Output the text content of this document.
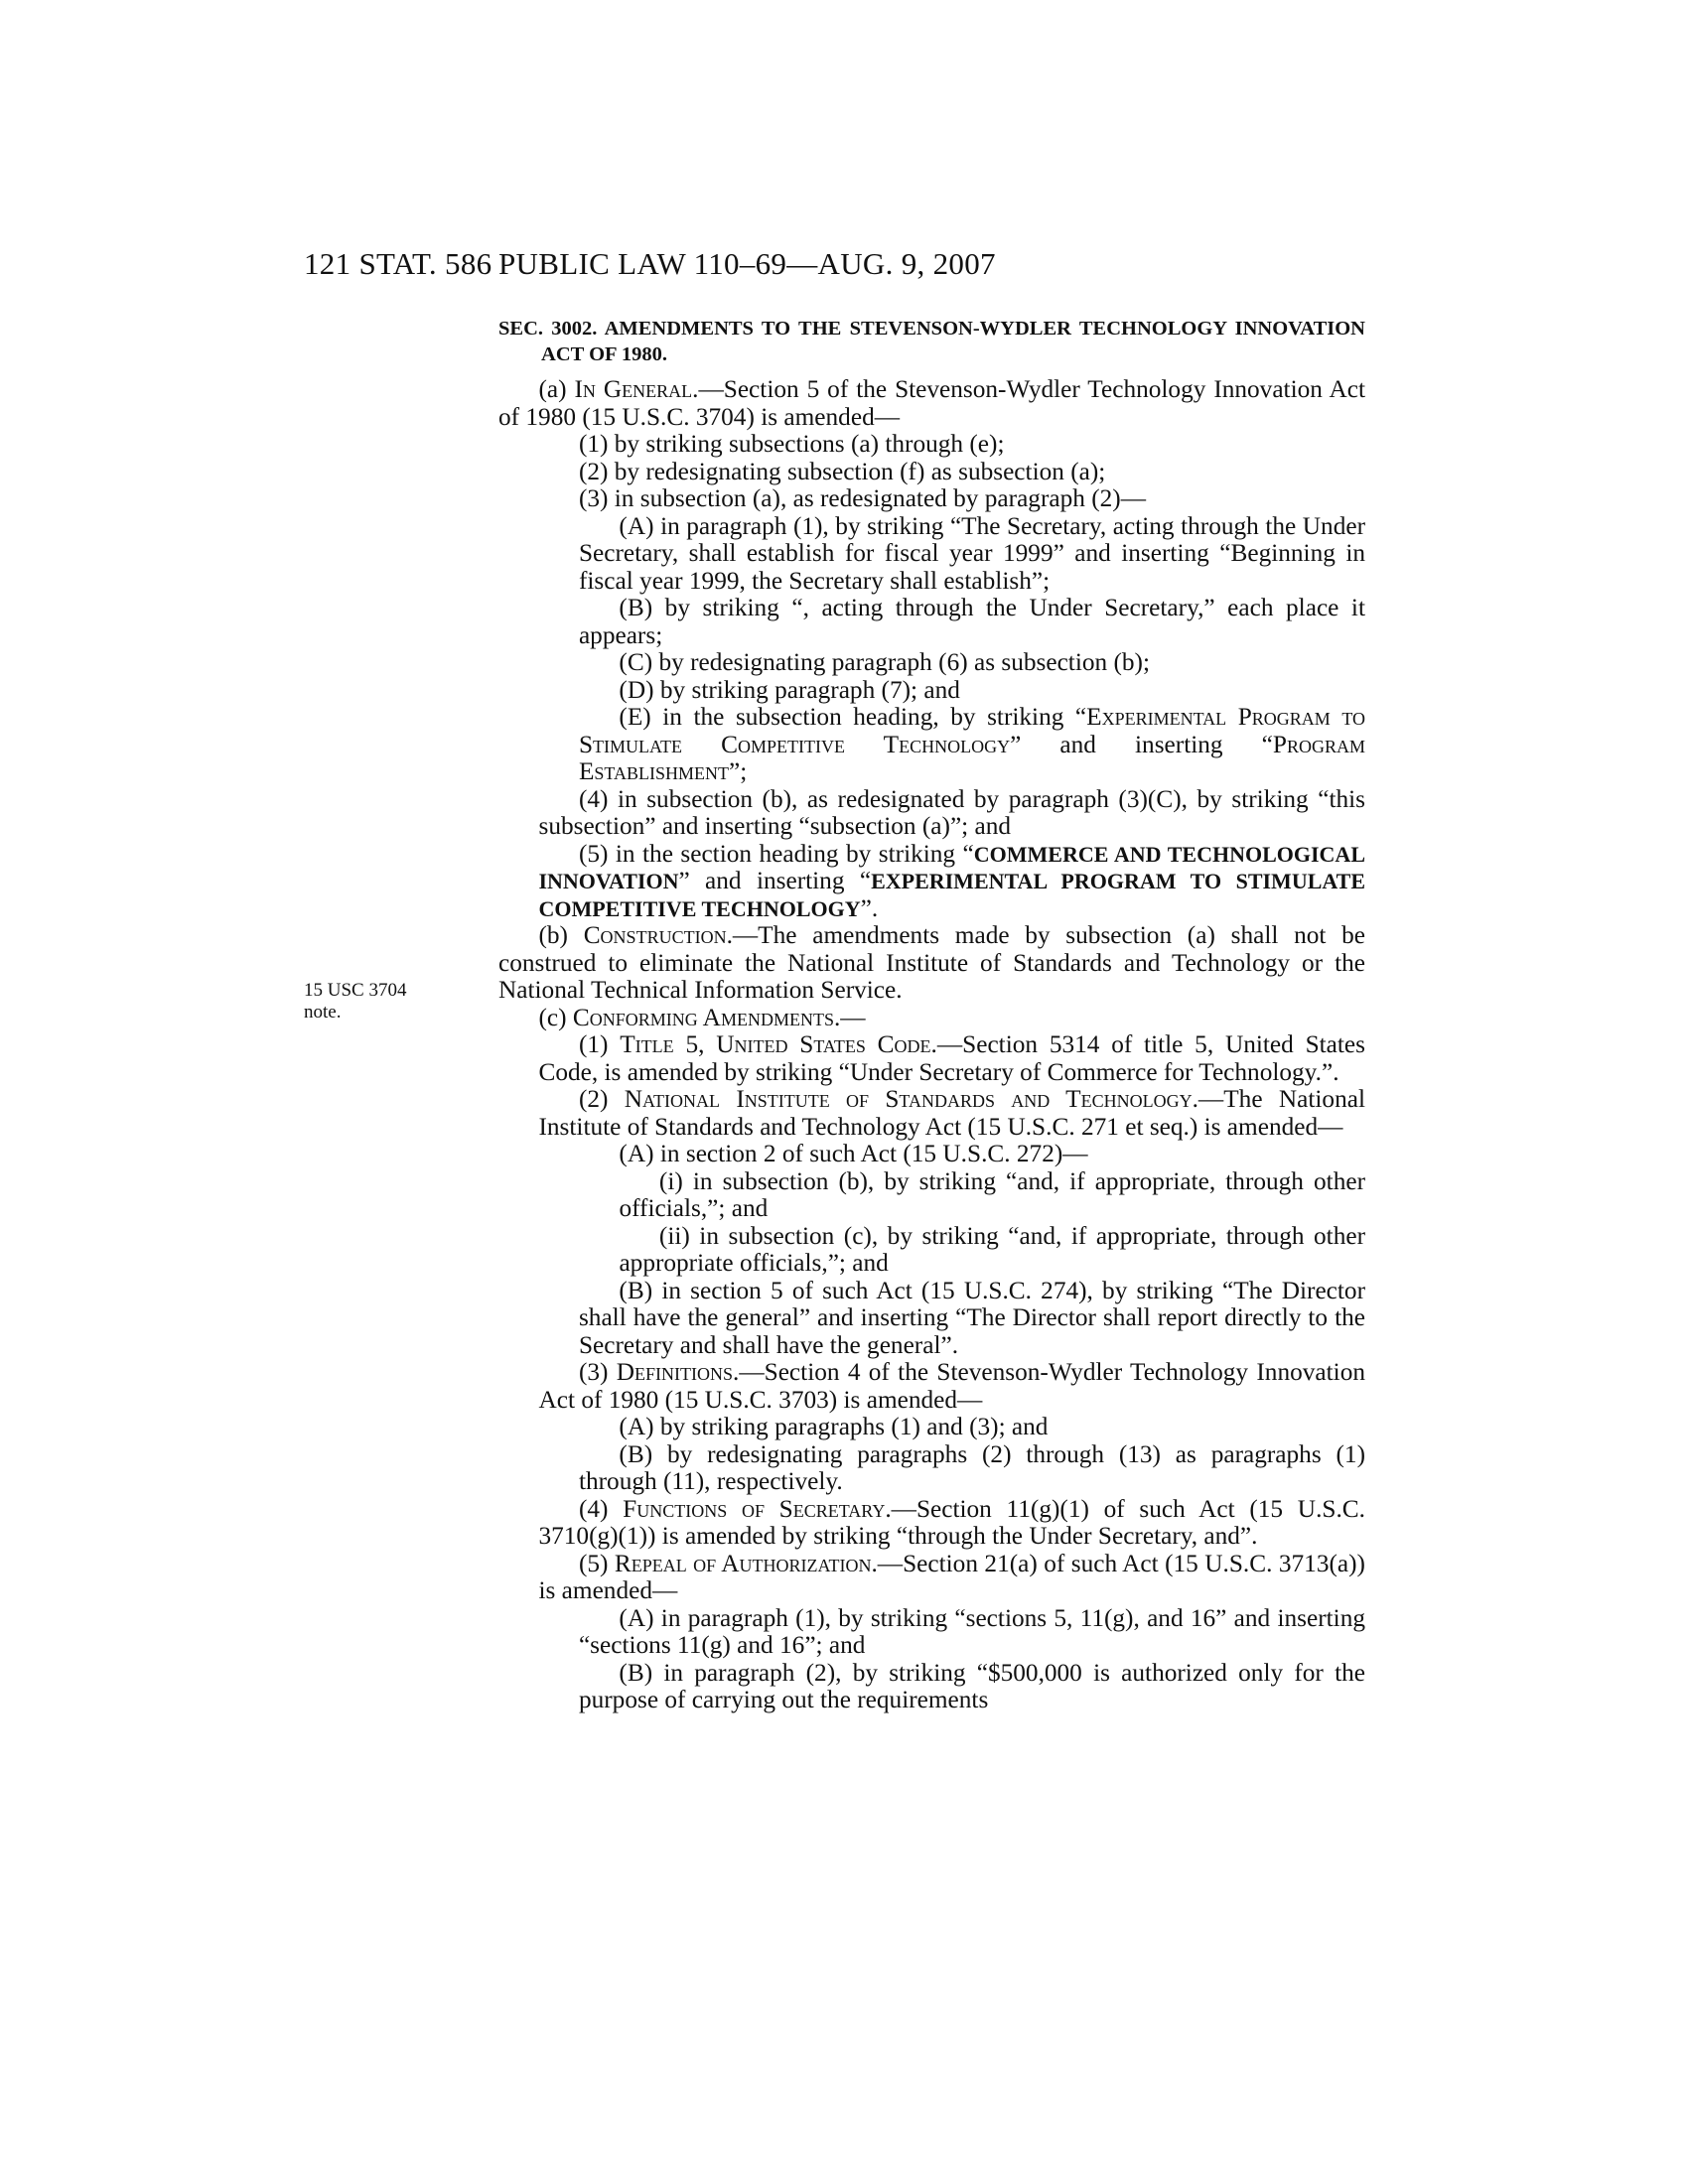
121 STAT. 586 PUBLIC LAW 110–69—AUG. 9, 2007
15 USC 3704
note.

SEC. 3002. AMENDMENTS TO THE STEVENSON-WYDLER TECHNOLOGY INNOVATION ACT OF 1980.

(a) In General.—Section 5 of the Stevenson-Wydler Technology Innovation Act of 1980 (15 U.S.C. 3704) is amended—

(1) by striking subsections (a) through (e);

(2) by redesignating subsection (f) as subsection (a);

(3) in subsection (a), as redesignated by paragraph (2)—

(A) in paragraph (1), by striking “The Secretary, acting through the Under Secretary, shall establish for fiscal year 1999” and inserting “Beginning in fiscal year 1999, the Secretary shall establish”;

(B) by striking “, acting through the Under Secretary,” each place it appears;

(C) by redesignating paragraph (6) as subsection (b);

(D) by striking paragraph (7); and

(E) in the subsection heading, by striking “Experimental Program to Stimulate Competitive Technology” and inserting “Program Establishment”;

(4) in subsection (b), as redesignated by paragraph (3)(C), by striking “this subsection” and inserting “subsection (a)”; and

(5) in the section heading by striking “COMMERCE AND TECHNOLOGICAL INNOVATION” and inserting “EXPERIMENTAL PROGRAM TO STIMULATE COMPETITIVE TECHNOLOGY”.

(b) Construction.—The amendments made by subsection (a) shall not be construed to eliminate the National Institute of Standards and Technology or the National Technical Information Service.

(c) Conforming Amendments.—

(1) Title 5, United States Code.—Section 5314 of title 5, United States Code, is amended by striking “Under Secretary of Commerce for Technology.”.

(2) National Institute of Standards and Technology.—The National Institute of Standards and Technology Act (15 U.S.C. 271 et seq.) is amended—

(A) in section 2 of such Act (15 U.S.C. 272)—

(i) in subsection (b), by striking “and, if appropriate, through other officials,”; and

(ii) in subsection (c), by striking “and, if appropriate, through other appropriate officials,”; and

(B) in section 5 of such Act (15 U.S.C. 274), by striking “The Director shall have the general” and inserting “The Director shall report directly to the Secretary and shall have the general”.

(3) Definitions.—Section 4 of the Stevenson-Wydler Technology Innovation Act of 1980 (15 U.S.C. 3703) is amended—

(A) by striking paragraphs (1) and (3); and

(B) by redesignating paragraphs (2) through (13) as paragraphs (1) through (11), respectively.

(4) Functions of Secretary.—Section 11(g)(1) of such Act (15 U.S.C. 3710(g)(1)) is amended by striking “through the Under Secretary, and”.

(5) Repeal of Authorization.—Section 21(a) of such Act (15 U.S.C. 3713(a)) is amended—

(A) in paragraph (1), by striking “sections 5, 11(g), and 16” and inserting “sections 11(g) and 16”; and

(B) in paragraph (2), by striking “$500,000 is authorized only for the purpose of carrying out the requirements
